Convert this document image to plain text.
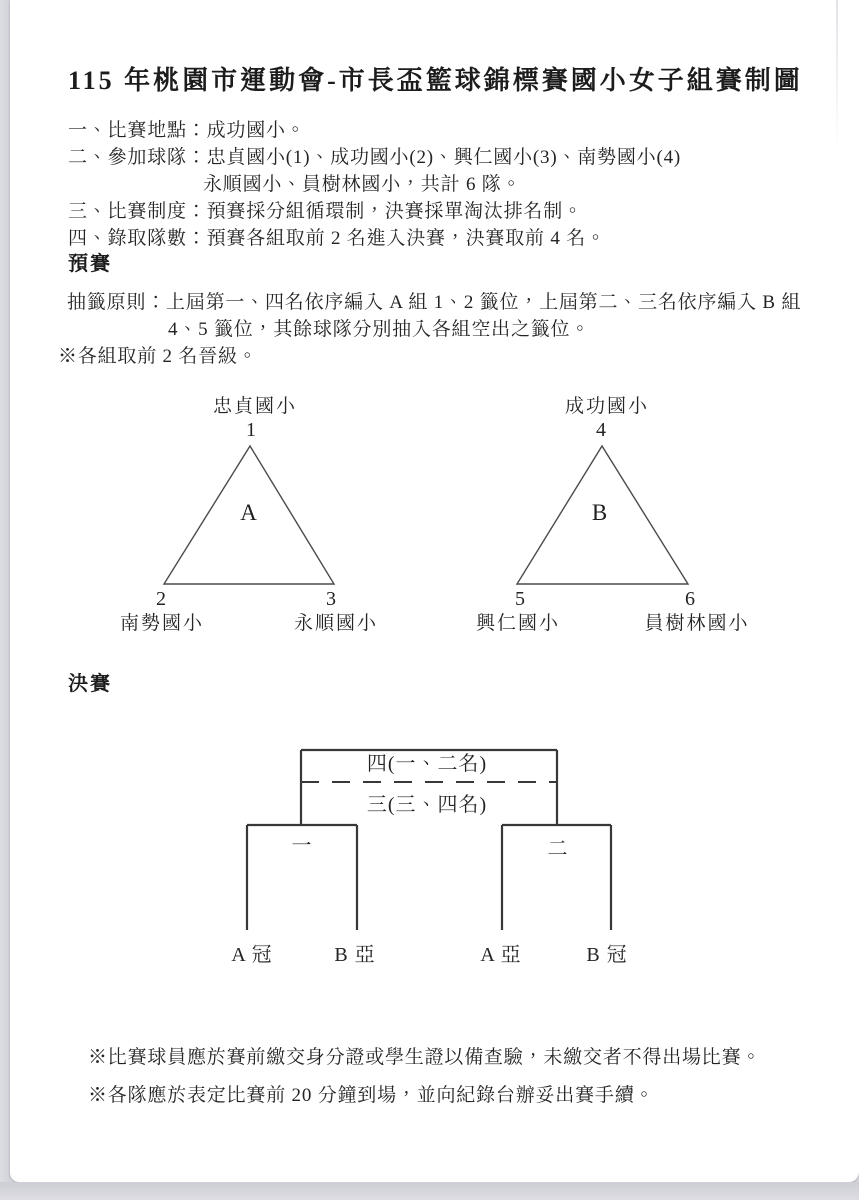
115 年桃園市運動會-市長盃籃球錦標賽國小女子組賽制圖
一、比賽地點：成功國小。
二、參加球隊：忠貞國小(1)、成功國小(2)、興仁國小(3)、南勢國小(4)
永順國小、員樹林國小，共計 6 隊。
三、比賽制度：預賽採分組循環制，決賽採單淘汰排名制。
四、錄取隊數：預賽各組取前 2 名進入決賽，決賽取前 4 名。
預賽
抽籤原則：上屆第一、四名依序編入 A 組 1、2 籤位，上屆第二、三名依序編入 B 組
4、5 籤位，其餘球隊分別抽入各組空出之籤位。
※各組取前 2 名晉級。
忠貞國小
1
A
2	3
南勢國小	永順國小
成功國小
4
B
5	6
興仁國小	員樹林國小
決賽
四(一、二名)
三(三、四名)
一	二
A 冠	B 亞	A 亞	B 冠
※比賽球員應於賽前繳交身分證或學生證以備查驗，未繳交者不得出場比賽。
※各隊應於表定比賽前 20 分鐘到場，並向紀錄台辦妥出賽手續。
